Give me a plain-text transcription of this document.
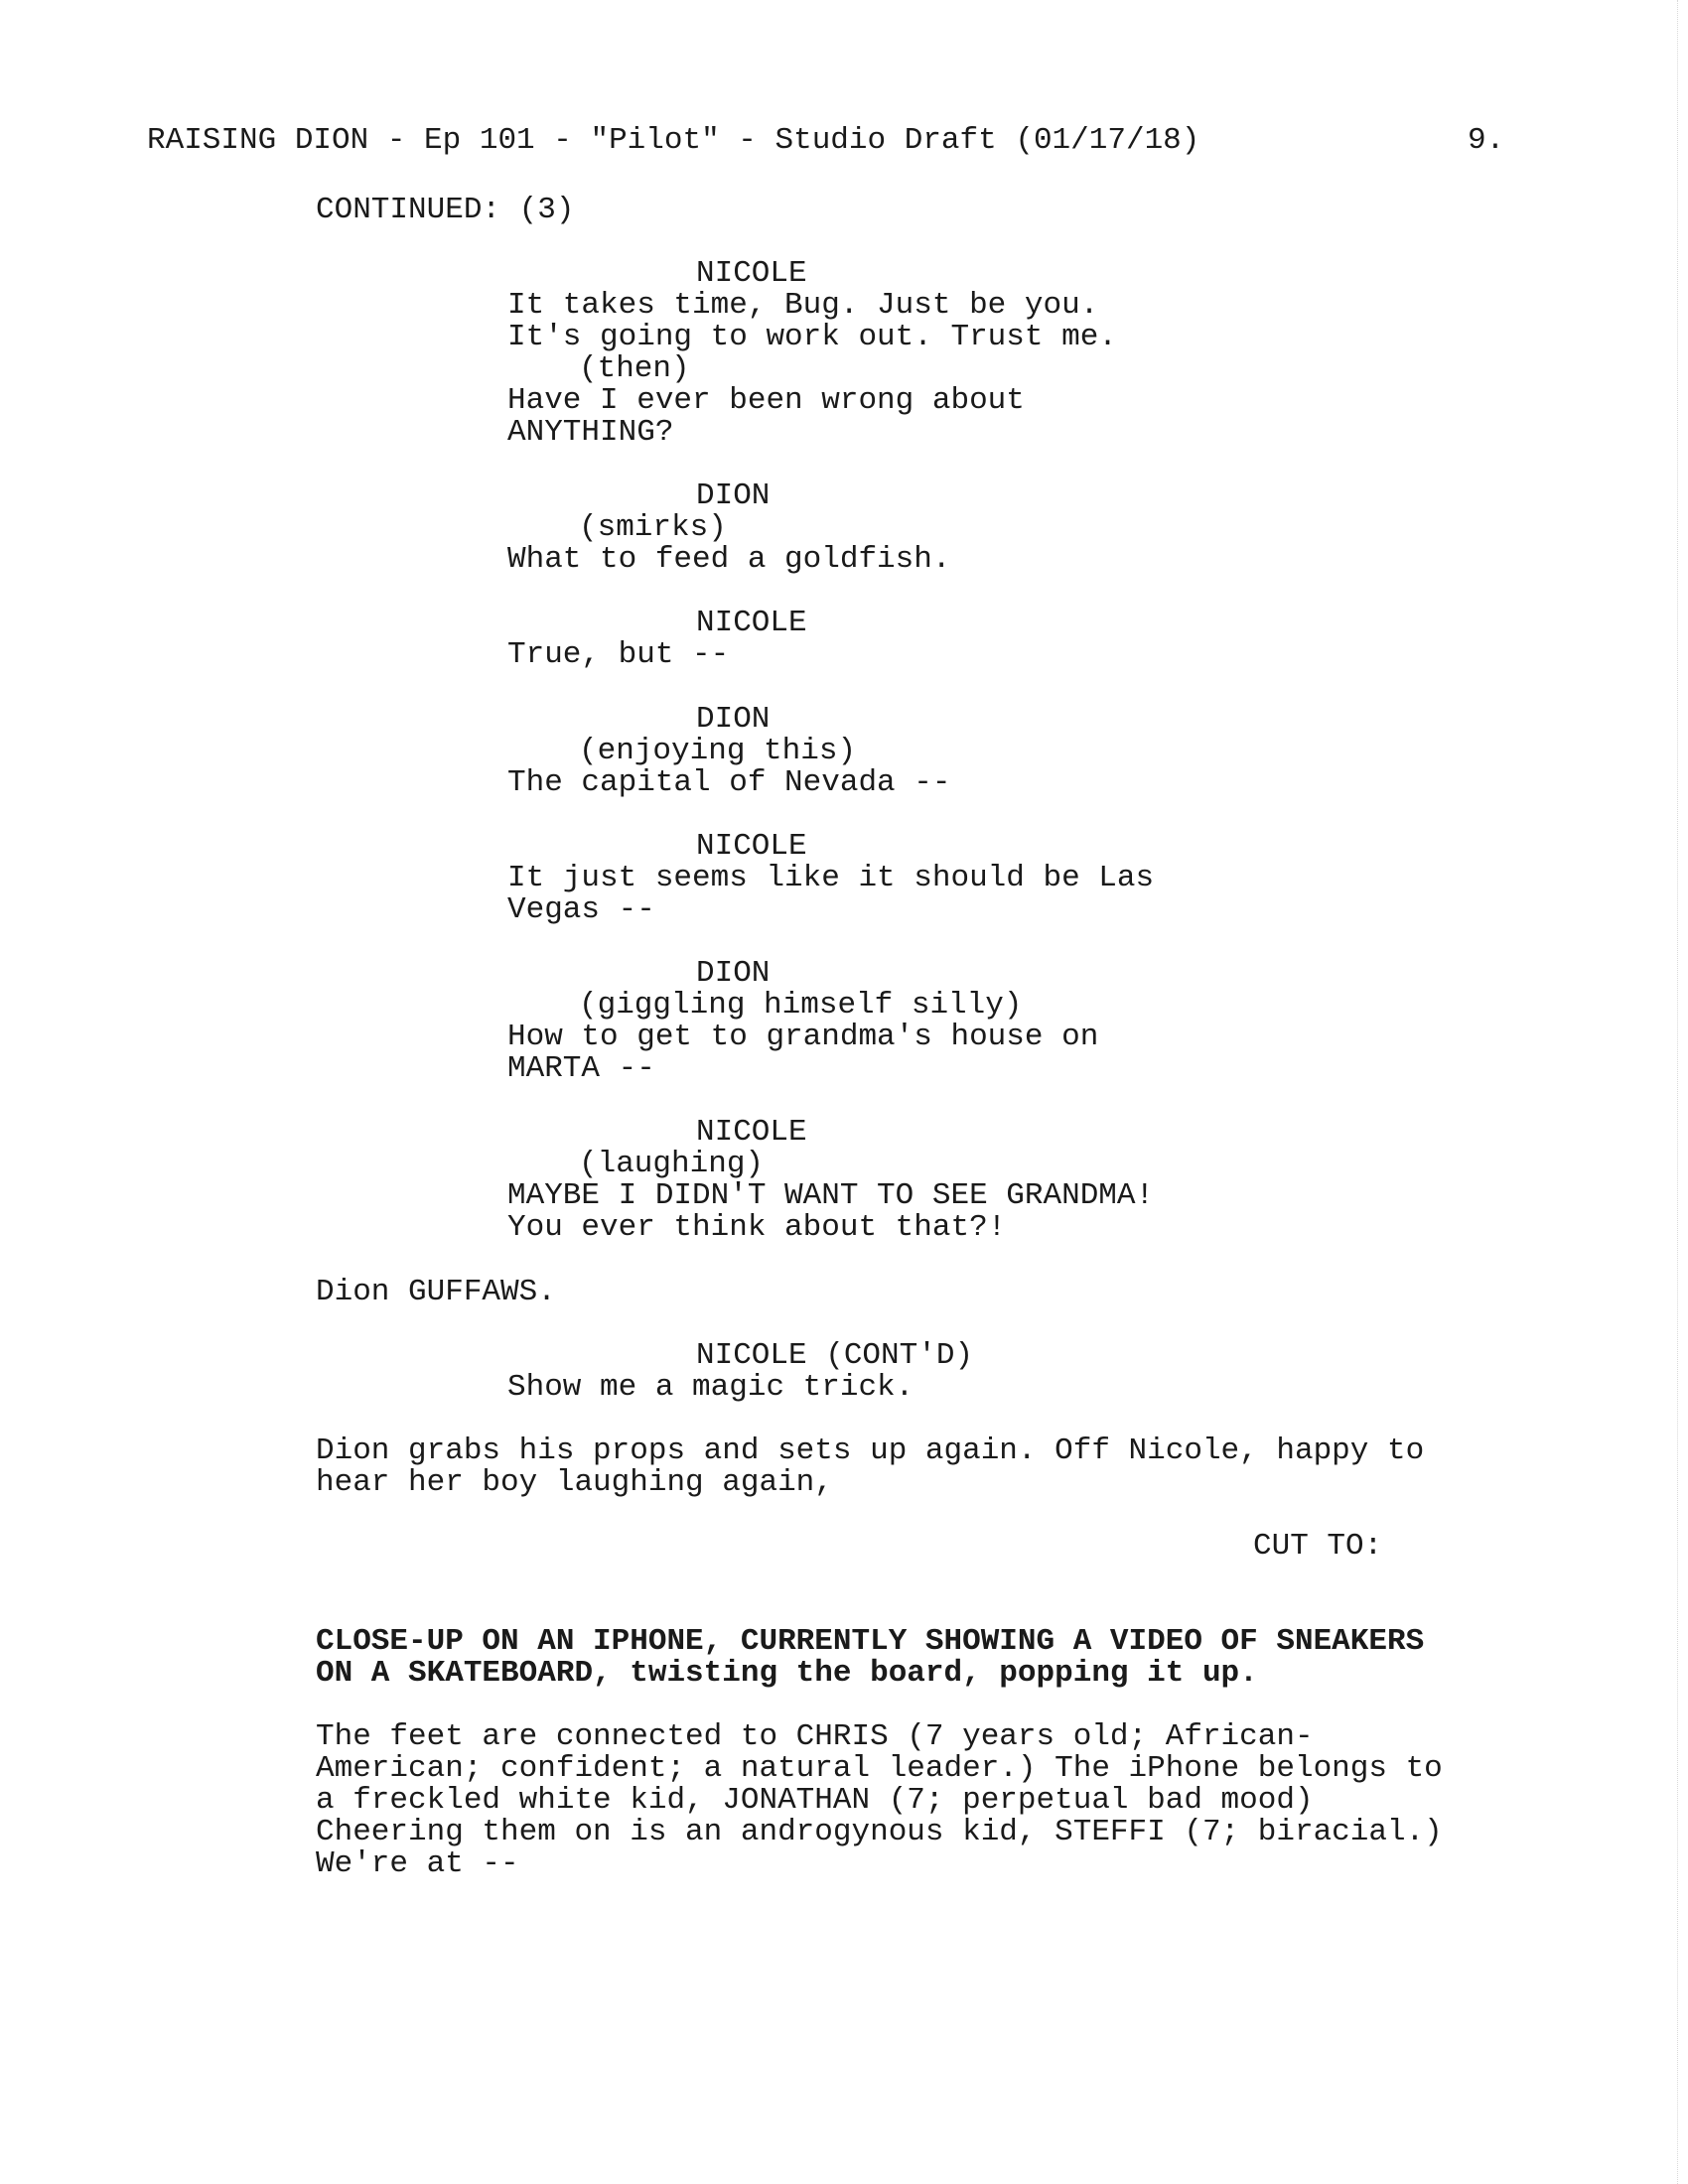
RAISING DION - Ep 101 - "Pilot" - Studio Draft (01/17/18)	9.
CONTINUED: (3)
NICOLE
It takes time, Bug. Just be you.
It's going to work out. Trust me.
(then)
Have I ever been wrong about
ANYTHING?
DION
(smirks)
What to feed a goldfish.
NICOLE
True, but --
DION
(enjoying this)
The capital of Nevada --
NICOLE
It just seems like it should be Las
Vegas --
DION
(giggling himself silly)
How to get to grandma's house on
MARTA --
NICOLE
(laughing)
MAYBE I DIDN'T WANT TO SEE GRANDMA!
You ever think about that?!
Dion GUFFAWS.
NICOLE (CONT'D)
Show me a magic trick.
Dion grabs his props and sets up again. Off Nicole, happy to
hear her boy laughing again,
CUT TO:
CLOSE-UP ON AN IPHONE, CURRENTLY SHOWING A VIDEO OF SNEAKERS
ON A SKATEBOARD, twisting the board, popping it up.
The feet are connected to CHRIS (7 years old; African-
American; confident; a natural leader.) The iPhone belongs to
a freckled white kid, JONATHAN (7; perpetual bad mood)
Cheering them on is an androgynous kid, STEFFI (7; biracial.)
We're at --
